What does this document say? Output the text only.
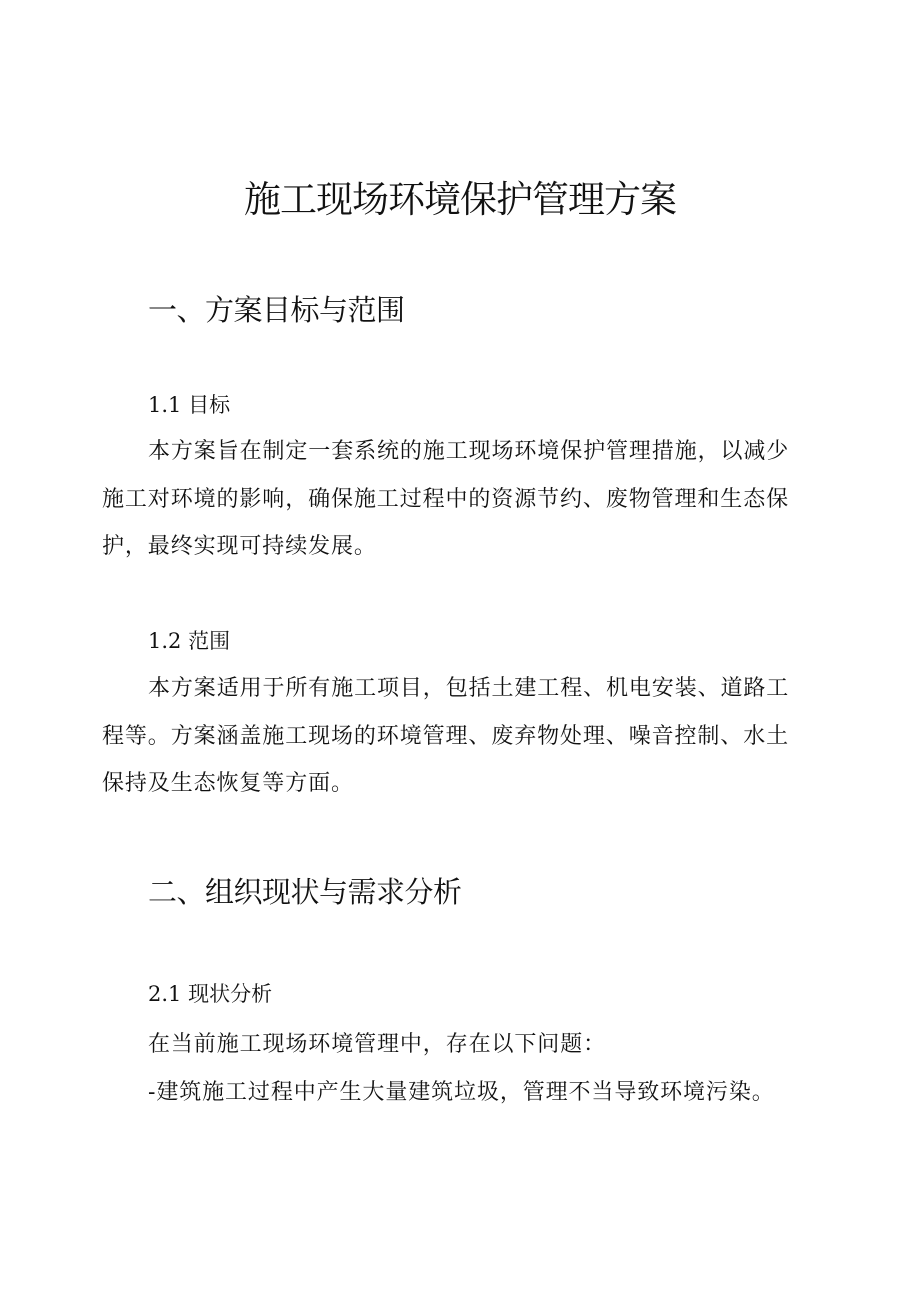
施工现场环境保护管理方案
一、方案目标与范围
1.1 目标
本方案旨在制定一套系统的施工现场环境保护管理措施，以减少
施工对环境的影响，确保施工过程中的资源节约、废物管理和生态保
护，最终实现可持续发展。
1.2 范围
本方案适用于所有施工项目，包括土建工程、机电安装、道路工
程等。方案涵盖施工现场的环境管理、废弃物处理、噪音控制、水土
保持及生态恢复等方面。
二、组织现状与需求分析
2.1 现状分析
在当前施工现场环境管理中，存在以下问题：
-建筑施工过程中产生大量建筑垃圾，管理不当导致环境污染。
